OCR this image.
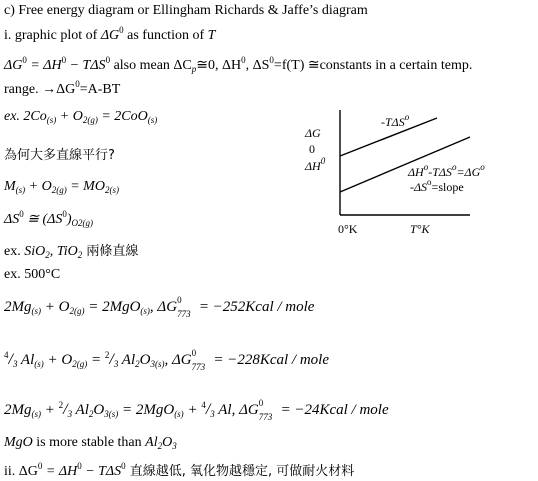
c) Free energy diagram or Ellingham Richards & Jaffe’s diagram
i. graphic plot of $\Delta G^0$ as function of T
$\Delta G^0 = \Delta H^0 - T\Delta S^0$ also mean $\Delta C_p≅0$, $\Delta H^0$, $\Delta S^0=f(T)$ ≅constants in a certain temp.
range. $\to\Delta G^0=A-BT$
ex. $2Co_{(s)} + O_{2(g)} = 2CoO_{(s)}$
為何大多直線平行?
$M_{(s)} + O_{2(g)} = MO_{2(s)}$
$\Delta S^0$ ≅ $(\Delta S^0)_{O2(g)}$
ex. SiO$_2$, TiO$_2$ 兩條直線
ex. 500°C
$2Mg_{(s)} + O_{2(g)} = 2MgO_{(s)}$, ΔG 0
773 = −252Kcal / mole
$^4/_3$ $Al_{(s)} + O_{2(g)} = ^2/_3$ $Al_2O_{3(s)}$, ΔG 0
773 = −228Kcal / mole
$2Mg_{(s)} + ^2/_3$ $Al_2O_{3(s)} = 2MgO_{(s)} + ^4/_3$ Al, ΔG 0
773 = −24Kcal / mole
MgO is more stable than $Al_2O_3$
ii. $\Delta G^0 = \Delta H^0 - T\Delta S^0$ 直線越低, 氧化物越穩定, 可做耐火材料
ΔG
0
$\Delta H^0$
-TΔS$^o$
$\Delta H^o-T\Delta S^o=\Delta G^o$
$-\Delta S^o=slope$
0°K	T°K
